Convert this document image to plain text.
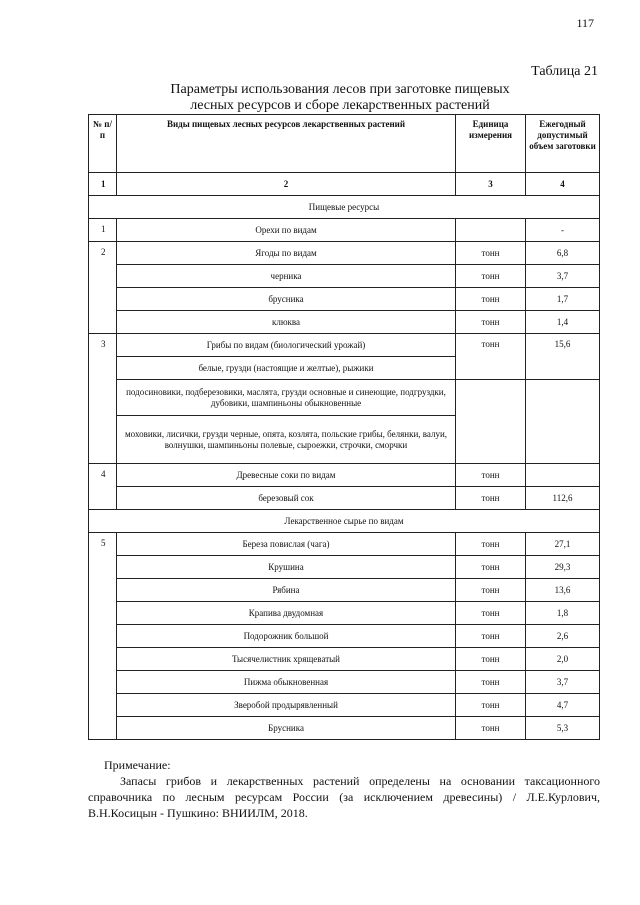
117
Таблица 21
Параметры использования лесов при заготовке пищевых
лесных ресурсов и сборе лекарственных растений
№ п/п	Виды пищевых лесных ресурсов лекарственных растений	Единица измерения	Ежегодный допустимый объем заготовки
1	2	3	4
Пищевые ресурсы			
1	Орехи по видам		-
2	Ягоды по видам	тонн	6,8
	черника	тонн	3,7
	брусника	тонн	1,7
	клюква	тонн	1,4
3	Грибы по видам (биологический урожай)	тонн	15,6
	белые, грузди (настоящие и желтые), рыжики		
	подосиновики, подберезовики, маслята, грузди основные и синеющие, подгруздки, дубовики, шампиньоны обыкновенные		
	моховики, лисички, грузди черные, опята, козлята, польские грибы, белянки, валуи, волнушки, шампиньоны полевые, сыроежки, строчки, сморчки		
4	Древесные соки по видам	тонн	
	березовый сок	тонн	112,6
Лекарственное сырье по видам			
5	Береза повислая (чага)	тонн	27,1
	Крушина	тонн	29,3
	Рябина	тонн	13,6
	Крапива двудомная	тонн	1,8
	Подорожник большой	тонн	2,6
	Тысячелистник хрящеватый	тонн	2,0
	Пижма обыкновенная	тонн	3,7
	Зверобой продырявленный	тонн	4,7
	Брусника	тонн	5,3
Примечание:
Запасы грибов и лекарственных растений определены на основании таксационного справочника по лесным ресурсам России (за исключением древесины) / Л.Е.Курлович, В.Н.Косицын - Пушкино: ВНИИЛМ, 2018.
